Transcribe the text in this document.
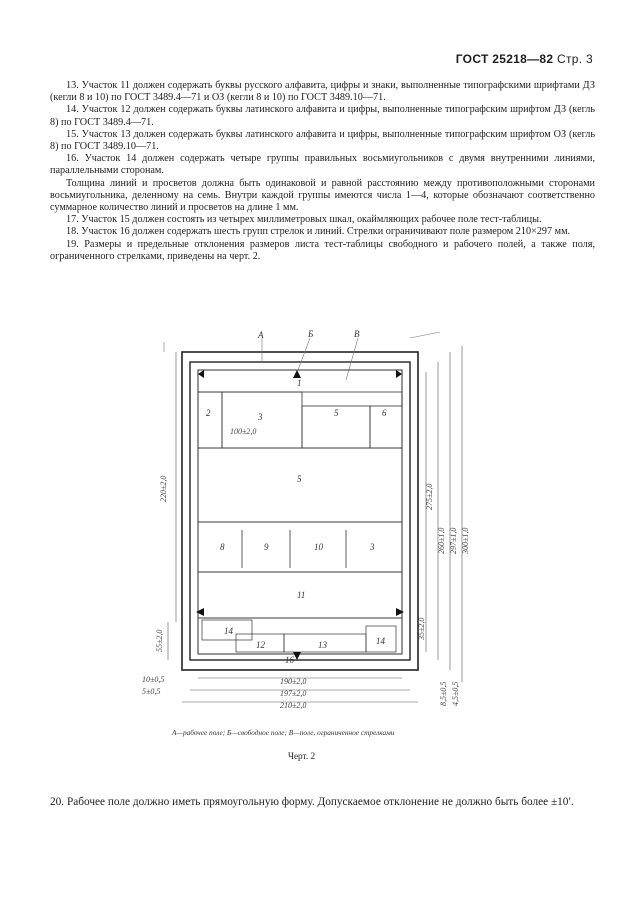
ГОСТ 25218—82 Стр. 3

13. Участок 11 должен содержать буквы русского алфавита, цифры и знаки, выполненные типографскими шрифтами ДЗ (кегли 8 и 10) по ГОСТ 3489.4—71 и ОЗ (кегли 8 и 10) по ГОСТ 3489.10—71.

14. Участок 12 должен содержать буквы латинского алфавита и цифры, выполненные типографским шрифтом ДЗ (кегль 8) по ГОСТ 3489.4—71.

15. Участок 13 должен содержать буквы латинского алфавита и цифры, выполненные типографским шрифтом ОЗ (кегль 8) по ГОСТ 3489.10—71.

16. Участок 14 должен содержать четыре группы правильных восьмиугольников с двумя внутренними линиями, параллельными сторонам.

Толщина линий и просветов должна быть одинаковой и равной расстоянию между противоположными сторонами восьмиугольника, деленному на семь. Внутри каждой группы имеются числа 1—4, которые обозначают соответственно суммарное количество линий и просветов на длине 1 мм.

17. Участок 15 должен состоять из четырех миллиметровых шкал, окаймляющих рабочее поле тест-таблицы.

18. Участок 16 должен содержать шесть групп стрелок и линий. Стрелки ограничивают поле размером 210×297 мм.

19. Размеры и предельные отклонения размеров листа тест-таблицы свободного и рабочего полей, а также поля, ограниченного стрелками, приведены на черт. 2.

А	Б	В
1
2	3	5	6
100±2,0
5
8	9	10	3
11
14
12	13	14
16
220±2,0
55±2,0
10±0,5
5±0,5
190±2,0
197±2,0
210±2,0
275±2,0
260±1,0 297±1,0 300±1,0
35±2,0
8,5±0,5 4,5±0,5
А—рабочее поле; Б—свободное поле; В—поле, ограниченное стрелками
Черт. 2

20. Рабочее поле должно иметь прямоугольную форму. Допускаемое отклонение не должно быть более ±10′.
